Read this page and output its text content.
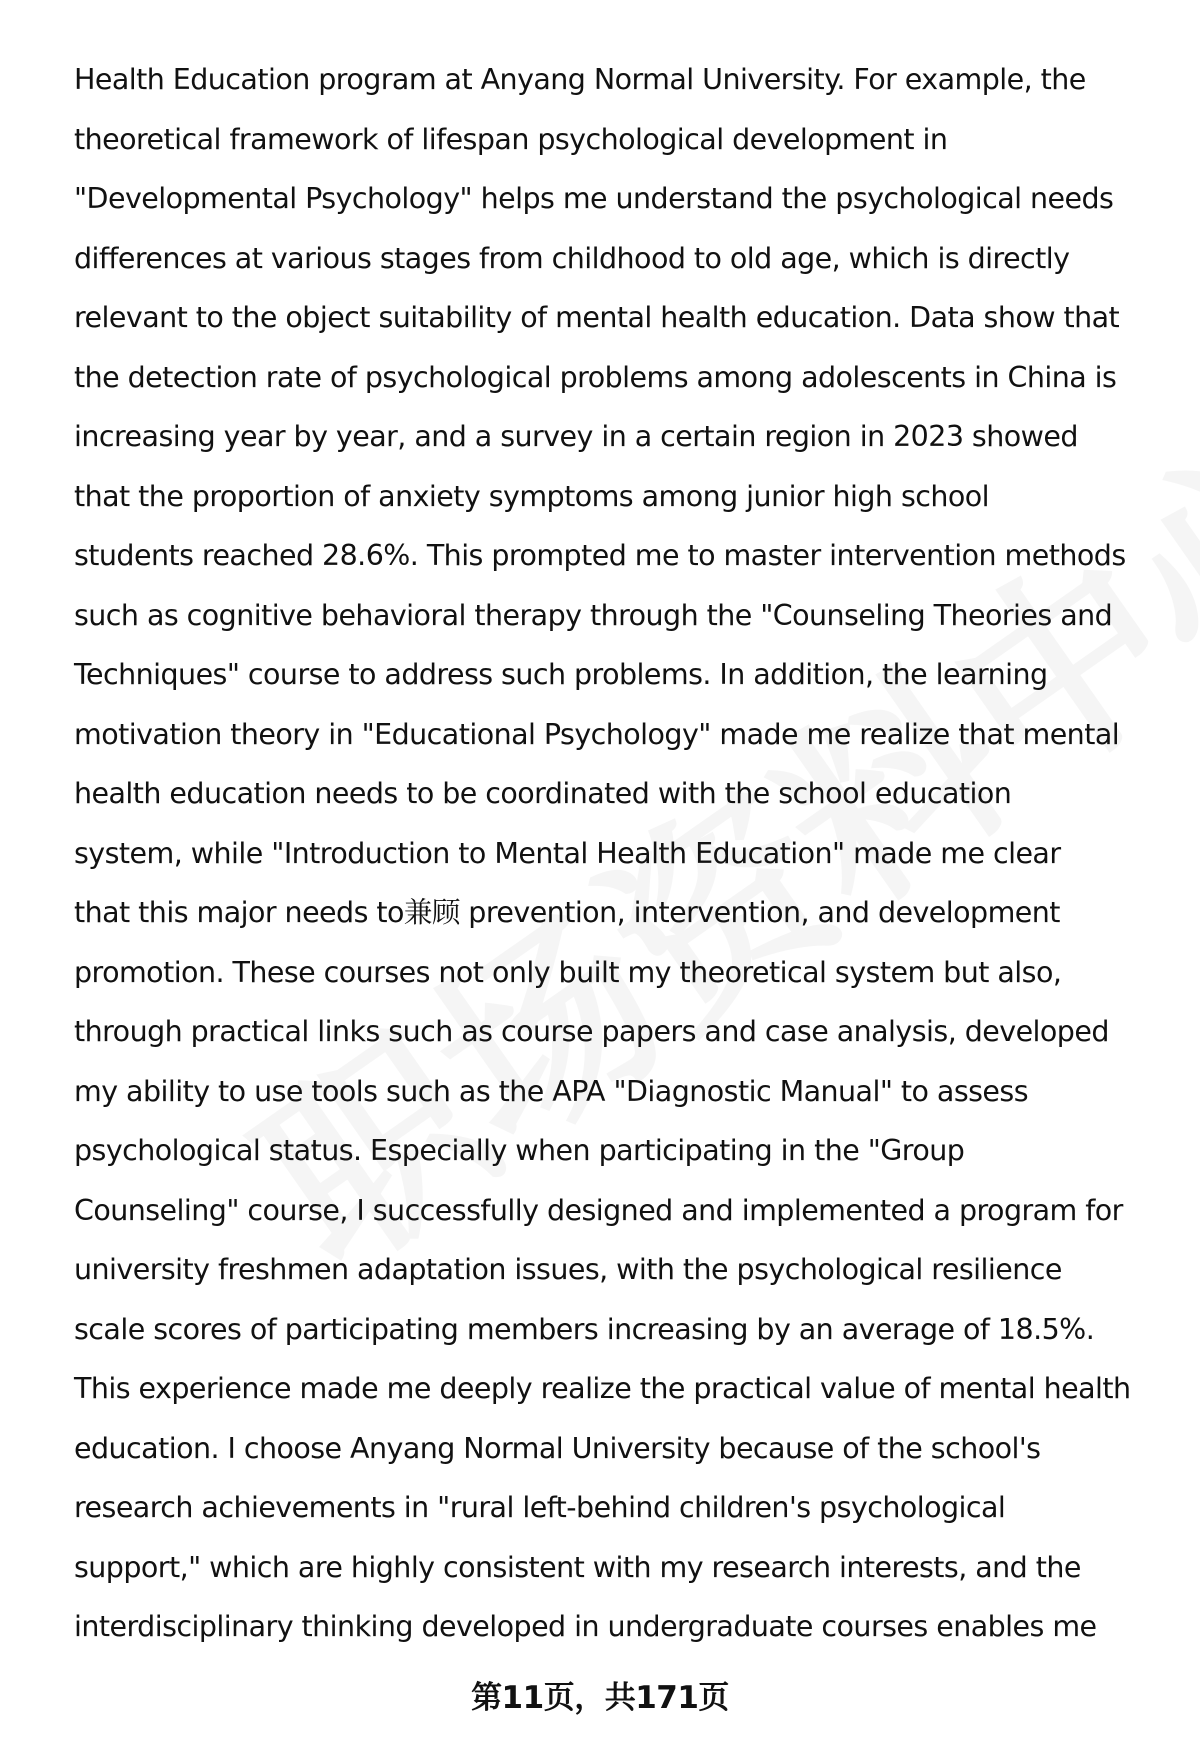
Health Education program at Anyang Normal University. For example, the
theoretical framework of lifespan psychological development in
"Developmental Psychology" helps me understand the psychological needs
differences at various stages from childhood to old age, which is directly
relevant to the object suitability of mental health education. Data show that
the detection rate of psychological problems among adolescents in China is
increasing year by year, and a survey in a certain region in 2023 showed
that the proportion of anxiety symptoms among junior high school
students reached 28.6%. This prompted me to master intervention methods
such as cognitive behavioral therapy through the "Counseling Theories and
Techniques" course to address such problems. In addition, the learning
motivation theory in "Educational Psychology" made me realize that mental
health education needs to be coordinated with the school education
system, while "Introduction to Mental Health Education" made me clear
that this major needs to兼顾 prevention, intervention, and development
promotion. These courses not only built my theoretical system but also,
through practical links such as course papers and case analysis, developed
my ability to use tools such as the APA "Diagnostic Manual" to assess
psychological status. Especially when participating in the "Group
Counseling" course, I successfully designed and implemented a program for
university freshmen adaptation issues, with the psychological resilience
scale scores of participating members increasing by an average of 18.5%.
This experience made me deeply realize the practical value of mental health
education. I choose Anyang Normal University because of the school's
research achievements in "rural left-behind children's psychological
support," which are highly consistent with my research interests, and the
interdisciplinary thinking developed in undergraduate courses enables me
第11页，共171页
